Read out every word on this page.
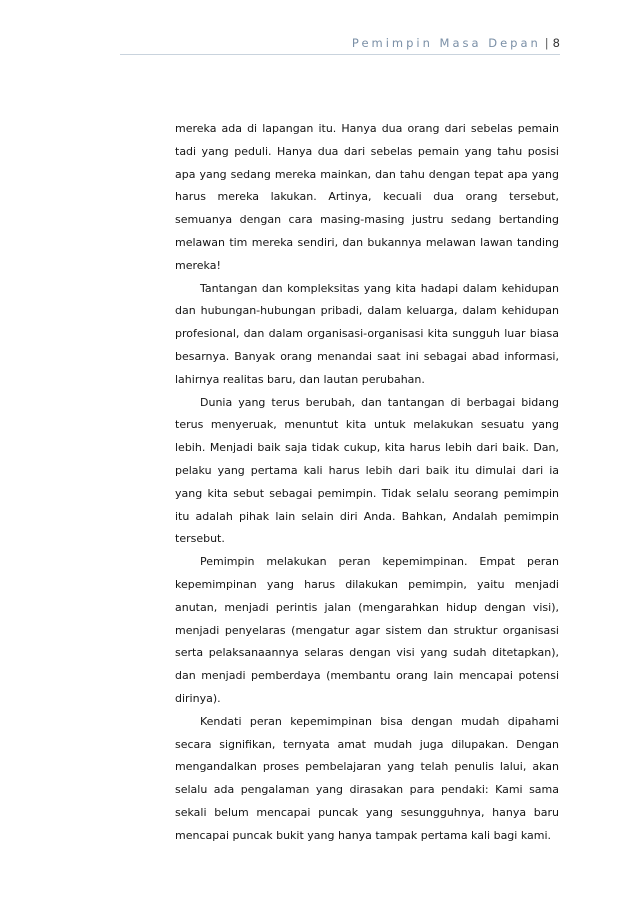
Pemimpin Masa Depan | 8

mereka ada di lapangan itu. Hanya dua orang dari sebelas pemain tadi yang peduli. Hanya dua dari sebelas pemain yang tahu posisi apa yang sedang mereka mainkan, dan tahu dengan tepat apa yang harus mereka lakukan. Artinya, kecuali dua orang tersebut, semuanya dengan cara masing-masing justru sedang bertanding melawan tim mereka sendiri, dan bukannya melawan lawan tanding mereka!

Tantangan dan kompleksitas yang kita hadapi dalam kehidupan dan hubungan-hubungan pribadi, dalam keluarga, dalam kehidupan profesional, dan dalam organisasi-organisasi kita sungguh luar biasa besarnya. Banyak orang menandai saat ini sebagai abad informasi, lahirnya realitas baru, dan lautan perubahan.

Dunia yang terus berubah, dan tantangan di berbagai bidang terus menyeruak, menuntut kita untuk melakukan sesuatu yang lebih. Menjadi baik saja tidak cukup, kita harus lebih dari baik. Dan, pelaku yang pertama kali harus lebih dari baik itu dimulai dari ia yang kita sebut sebagai pemimpin. Tidak selalu seorang pemimpin itu adalah pihak lain selain diri Anda. Bahkan, Andalah pemimpin tersebut.

Pemimpin melakukan peran kepemimpinan. Empat peran kepemimpinan yang harus dilakukan pemimpin, yaitu menjadi anutan, menjadi perintis jalan (mengarahkan hidup dengan visi), menjadi penyelaras (mengatur agar sistem dan struktur organisasi serta pelaksanaannya selaras dengan visi yang sudah ditetapkan), dan menjadi pemberdaya (membantu orang lain mencapai potensi dirinya).

Kendati peran kepemimpinan bisa dengan mudah dipahami secara signifikan, ternyata amat mudah juga dilupakan. Dengan mengandalkan proses pembelajaran yang telah penulis lalui, akan selalu ada pengalaman yang dirasakan para pendaki: Kami sama sekali belum mencapai puncak yang sesungguhnya, hanya baru mencapai puncak bukit yang hanya tampak pertama kali bagi kami.
